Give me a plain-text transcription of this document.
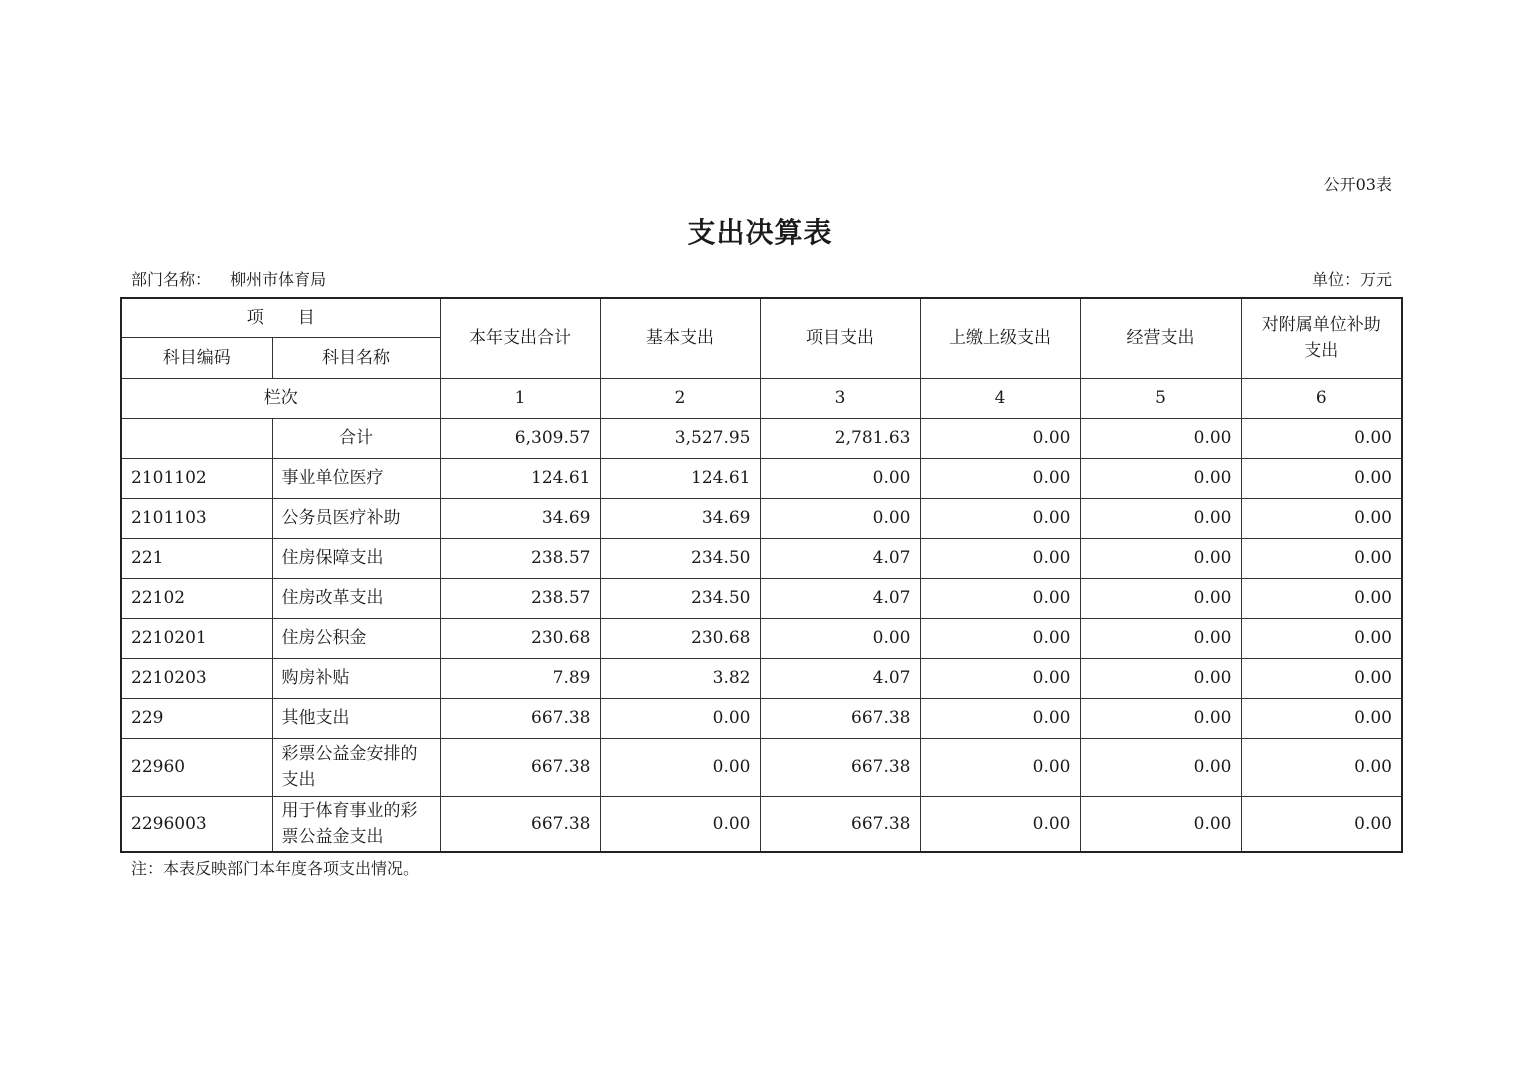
公开03表
支出决算表
部门名称： 柳州市体育局	单位：万元
项　　目		本年支出合计	基本支出	项目支出	上缴上级支出	经营支出	对附属单位补助支出
科目编码	科目名称						
栏次		1	2	3	4	5	6
	合计	6,309.57	3,527.95	2,781.63	0.00	0.00	0.00
2101102	事业单位医疗	124.61	124.61	0.00	0.00	0.00	0.00
2101103	公务员医疗补助	34.69	34.69	0.00	0.00	0.00	0.00
221	住房保障支出	238.57	234.50	4.07	0.00	0.00	0.00
22102	住房改革支出	238.57	234.50	4.07	0.00	0.00	0.00
2210201	住房公积金	230.68	230.68	0.00	0.00	0.00	0.00
2210203	购房补贴	7.89	3.82	4.07	0.00	0.00	0.00
229	其他支出	667.38	0.00	667.38	0.00	0.00	0.00
22960	彩票公益金安排的支出	667.38	0.00	667.38	0.00	0.00	0.00
2296003	用于体育事业的彩票公益金支出	667.38	0.00	667.38	0.00	0.00	0.00
注：本表反映部门本年度各项支出情况。
